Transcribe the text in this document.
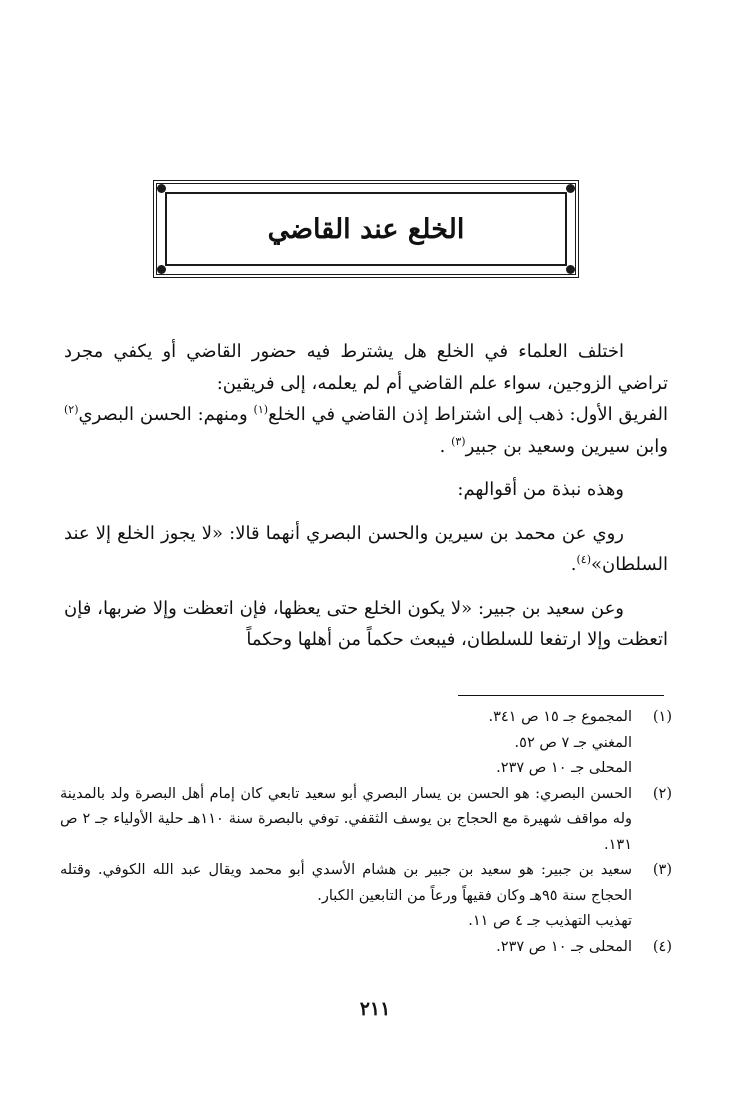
الخلع عند القاضي

اختلف العلماء في الخلع هل يشترط فيه حضور القاضي أو يكفي مجرد تراضي الزوجين، سواء علم القاضي أم لم يعلمه، إلى فريقين:

الفريق الأول: ذهب إلى اشتراط إذن القاضي في الخلع$^{(١)}$ ومنهم: الحسن البصري$^{(٢)}$ وابن سيرين وسعيد بن جبير$^{(٣)}$ .

وهذه نبذة من أقوالهم:

روي عن محمد بن سيرين والحسن البصري أنهما قالا: «لا يجوز الخلع إلا عند السلطان»$^{(٤)}$.

وعن سعيد بن جبير: «لا يكون الخلع حتى يعظها، فإن اتعظت وإلا ضربها، فإن اتعظت وإلا ارتفعا للسلطان، فيبعث حكماً من أهلها وحكماً

(١)
المجموع جـ ١٥ ص ٣٤١.
المغني جـ ٧ ص ٥٢.
المحلى جـ ١٠ ص ٢٣٧.
(٢)
الحسن البصري: هو الحسن بن يسار البصري أبو سعيد تابعي كان إمام أهل البصرة ولد بالمدينة وله مواقف شهيرة مع الحجاج بن يوسف الثقفي. توفي بالبصرة سنة ١١٠هـ حلية الأولياء جـ ٢ ص ١٣١.
(٣)
سعيد بن جبير: هو سعيد بن جبير بن هشام الأسدي أبو محمد ويقال عبد الله الكوفي. وقتله الحجاج سنة ٩٥هـ وكان فقيهاً ورعاً من التابعين الكبار.
تهذيب التهذيب جـ ٤ ص ١١.
(٤)
المحلى جـ ١٠ ص ٢٣٧.
٢١١
